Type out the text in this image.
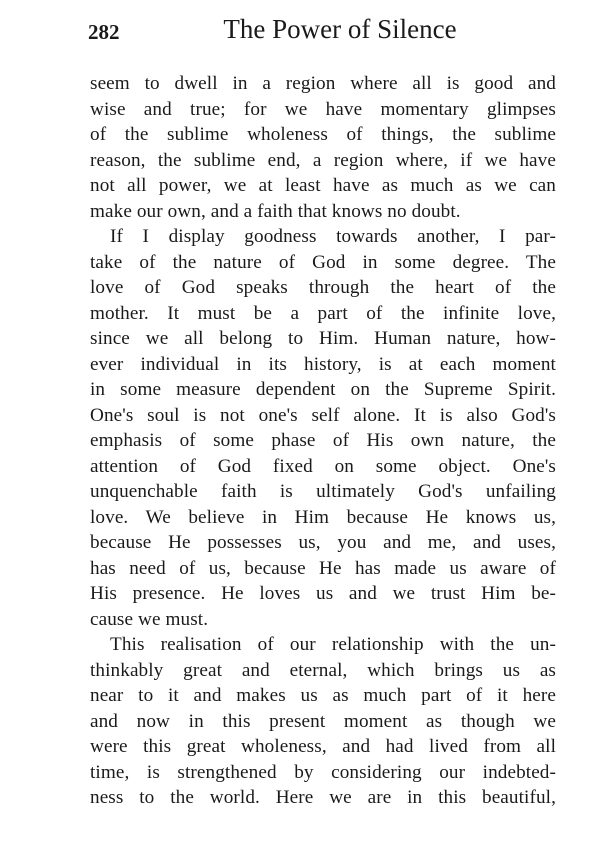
282	The Power of Silence
seem to dwell in a region where all is good and
wise and true; for we have momentary glimpses
of the sublime wholeness of things, the sublime
reason, the sublime end, a region where, if we have
not all power, we at least have as much as we can
make our own, and a faith that knows no doubt.
If I display goodness towards another, I par-
take of the nature of God in some degree. The
love of God speaks through the heart of the
mother. It must be a part of the infinite love,
since we all belong to Him. Human nature, how-
ever individual in its history, is at each moment
in some measure dependent on the Supreme Spirit.
One's soul is not one's self alone. It is also God's
emphasis of some phase of His own nature, the
attention of God fixed on some object. One's
unquenchable faith is ultimately God's unfailing
love. We believe in Him because He knows us,
because He possesses us, you and me, and uses,
has need of us, because He has made us aware of
His presence. He loves us and we trust Him be-
cause we must.
This realisation of our relationship with the un-
thinkably great and eternal, which brings us as
near to it and makes us as much part of it here
and now in this present moment as though we
were this great wholeness, and had lived from all
time, is strengthened by considering our indebted-
ness to the world. Here we are in this beautiful,
